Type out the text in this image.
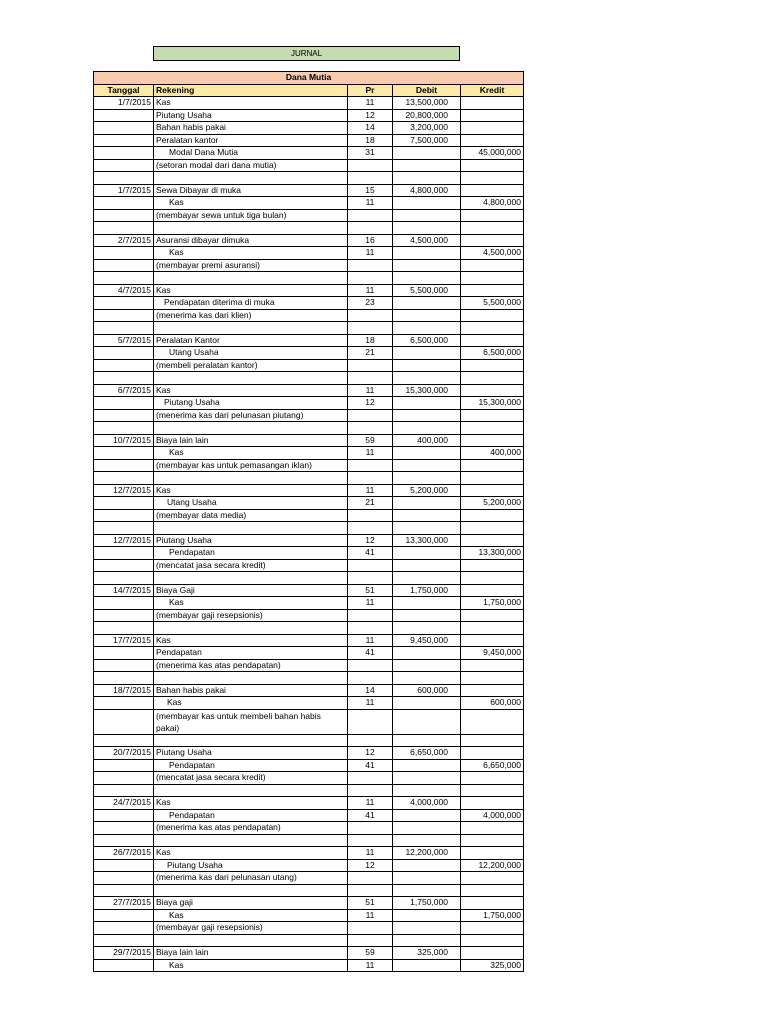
JURNAL
Dana Mutia				
Tanggal	Rekening	Pr	Debit	Kredit
1/7/2015	Kas	11	13,500,000	
	Piutang Usaha	12	20,800,000	
	Bahan habis pakai	14	3,200,000	
	Peralatan kantor	18	7,500,000	
	Modal Dana Mutia	31		45,000,000
	(setoran modal dari dana mutia)			

1/7/2015	Sewa Dibayar di muka	15	4,800,000	
	Kas	11		4,800,000
	(membayar sewa untuk tiga bulan)			

2/7/2015	Asuransi dibayar dimuka	16	4,500,000	
	Kas	11		4,500,000
	(membayar premi asuransi)			

4/7/2015	Kas	11	5,500,000	
	Pendapatan diterima di muka	23		5,500,000
	(menerima kas dari klien)			

5/7/2015	Peralatan Kantor	18	6,500,000	
	Utang Usaha	21		6,500,000
	(membeli peralatan kantor)			

6/7/2015	Kas	11	15,300,000	
	Piutang Usaha	12		15,300,000
	(menerima kas dari pelunasan piutang)			

10/7/2015	Biaya lain lain	59	400,000	
	Kas	11		400,000
	(membayar kas untuk pemasangan iklan)			

12/7/2015	Kas	11	5,200,000	
	Utang Usaha	21		5,200,000
	(membayar data media)			

12/7/2015	Piutang Usaha	12	13,300,000	
	Pendapatan	41		13,300,000
	(mencatat jasa secara kredit)			

14/7/2015	Biaya Gaji	51	1,750,000	
	Kas	11		1,750,000
	(membayar gaji resepsionis)			

17/7/2015	Kas	11	9,450,000	
	Pendapatan	41		9,450,000
	(menerima kas atas pendapatan)			

18/7/2015	Bahan habis pakai	14	600,000	
	Kas	11		600,000
	(membayar kas untuk membeli bahan habis pakai)			

20/7/2015	Piutang Usaha	12	6,650,000	
	Pendapatan	41		6,650,000
	(mencatat jasa secara kredit)			

24/7/2015	Kas	11	4,000,000	
	Pendapatan	41		4,000,000
	(menerima kas atas pendapatan)			

26/7/2015	Kas	11	12,200,000	
	Piutang Usaha	12		12,200,000
	(menerima kas dari pelunasan utang)			

27/7/2015	Biaya gaji	51	1,750,000	
	Kas	11		1,750,000
	(membayar gaji resepsionis)			

29/7/2015	Biaya lain lain	59	325,000	
	Kas	11		325,000
